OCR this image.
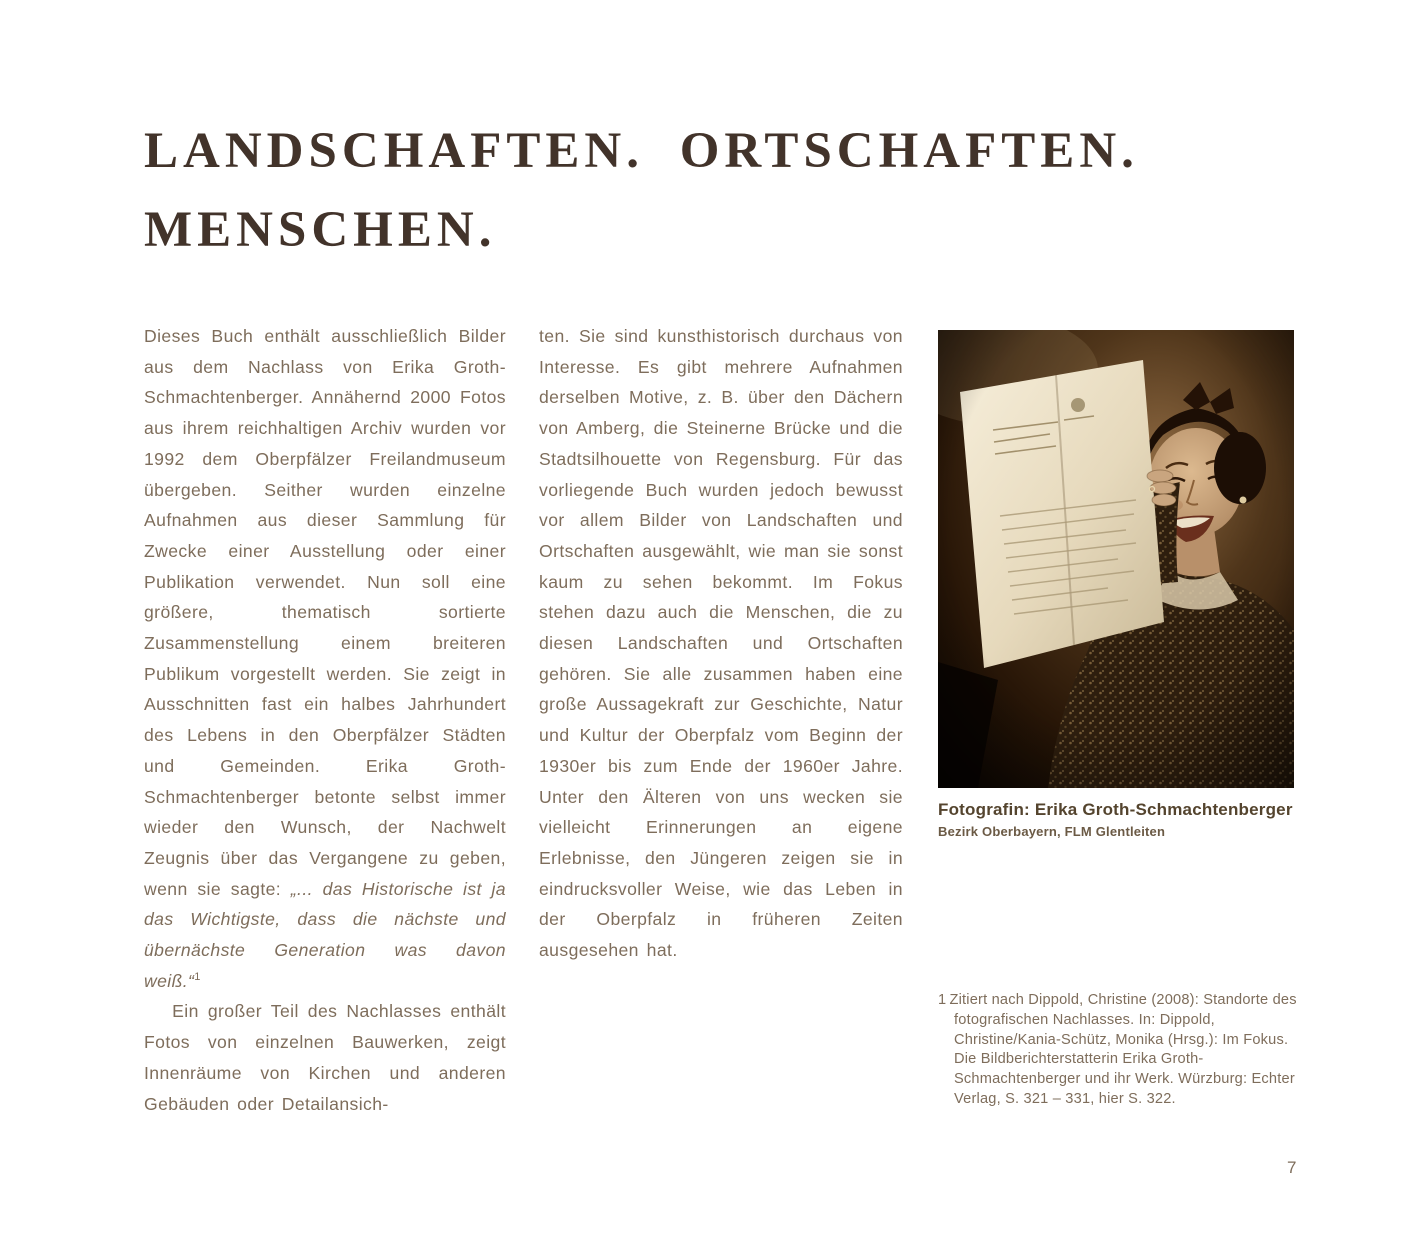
LANDSCHAFTEN. ORTSCHAFTEN.
MENSCHEN.

Dieses Buch enthält ausschließlich Bilder aus dem Nachlass von Erika Groth-Schmachtenberger. Annähernd 2000 Fotos aus ihrem reichhaltigen Archiv wurden vor 1992 dem Oberpfälzer Freilandmuseum übergeben. Seither wurden einzelne Aufnahmen aus dieser Sammlung für Zwecke einer Ausstellung oder einer Publikation verwendet. Nun soll eine größere, thematisch sortierte Zusammenstellung einem breiteren Publikum vorgestellt werden. Sie zeigt in Ausschnitten fast ein halbes Jahrhundert des Lebens in den Oberpfälzer Städten und Gemeinden. Erika Groth-Schmachtenberger betonte selbst immer wieder den Wunsch, der Nachwelt Zeugnis über das Vergangene zu geben, wenn sie sagte: „... das Historische ist ja das Wichtigste, dass die nächste und übernächste Generation was davon weiß.“$^1$

Ein großer Teil des Nachlasses enthält Fotos von einzelnen Bauwerken, zeigt Innenräume von Kirchen und anderen Gebäuden oder Detailansich-

ten. Sie sind kunsthistorisch durchaus von Interesse. Es gibt mehrere Aufnahmen derselben Motive, z. B. über den Dächern von Amberg, die Steinerne Brücke und die Stadtsilhouette von Regensburg. Für das vorliegende Buch wurden jedoch bewusst vor allem Bilder von Landschaften und Ortschaften ausgewählt, wie man sie sonst kaum zu sehen bekommt. Im Fokus stehen dazu auch die Menschen, die zu diesen Landschaften und Ortschaften gehören. Sie alle zusammen haben eine große Aussagekraft zur Geschichte, Natur und Kultur der Oberpfalz vom Beginn der 1930er bis zum Ende der 1960er Jahre. Unter den Älteren von uns wecken sie vielleicht Erinnerungen an eigene Erlebnisse, den Jüngeren zeigen sie in eindrucksvoller Weise, wie das Leben in der Oberpfalz in früheren Zeiten ausgesehen hat.

Fotografin: Erika Groth-Schmachtenberger
Bezirk Oberbayern, FLM Glentleiten
1  Zitiert nach Dippold, Christine (2008): Standorte des fotografischen Nachlasses. In: Dippold, Christine/Kania-Schütz, Monika (Hrsg.): Im Fokus. Die Bildberichterstatterin Erika Groth-Schmachtenberger und ihr Werk. Würzburg: Echter Verlag, S. 321 – 331, hier S. 322.
7
